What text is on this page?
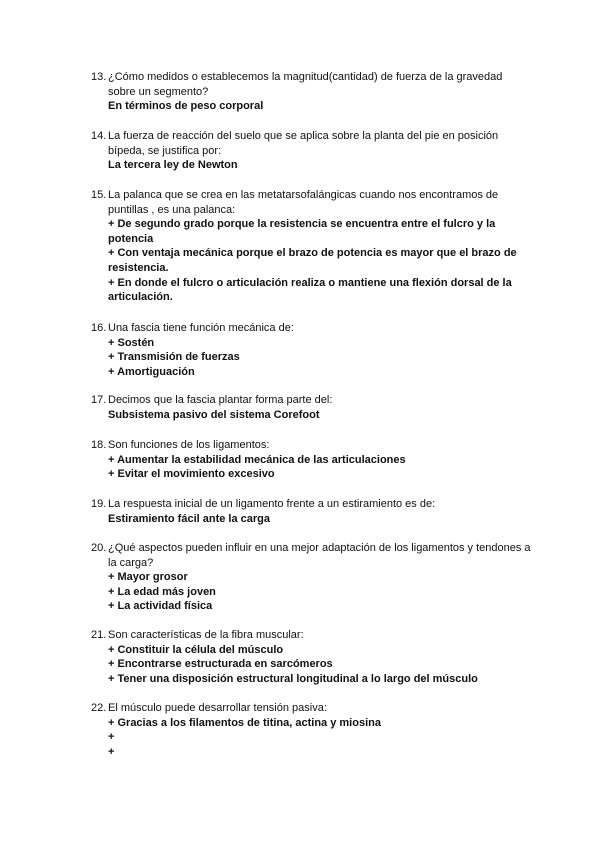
13. ¿Cómo medidos o establecemos la magnitud(cantidad) de fuerza de la gravedad sobre un segmento?
En términos de peso corporal
14. La fuerza de reacción del suelo que se aplica sobre la planta del pie en posición bípeda, se justifica por:
La tercera ley de Newton
15. La palanca que se crea en las metatarsofalángicas cuando nos encontramos de puntillas , es una palanca:
+ De segundo grado porque la resistencia se encuentra entre el fulcro y la potencia
+ Con ventaja mecánica porque el brazo de potencia es mayor que el brazo de resistencia.
+ En donde el fulcro o articulación realiza o mantiene una flexión dorsal de la articulación.
16. Una fascia tiene función mecánica de:
+ Sostén
+ Transmisión de fuerzas
+ Amortiguación
17. Decimos que la fascia plantar forma parte del:
Subsistema pasivo del sistema Corefoot
18. Son funciones de los ligamentos:
+ Aumentar la estabilidad mecánica de las articulaciones
+ Evitar el movimiento excesivo
19. La respuesta inicial de un ligamento frente a un estiramiento es de:
Estiramiento fácil ante la carga
20. ¿Qué aspectos pueden influir en una mejor adaptación de los ligamentos y tendones a la carga?
+ Mayor grosor
+ La edad más joven
+ La actividad física
21. Son características de la fibra muscular:
+ Constituir la célula del músculo
+ Encontrarse estructurada en sarcómeros
+ Tener una disposición estructural longitudinal a lo largo del músculo
22. El músculo puede desarrollar tensión pasiva:
+ Gracias a los filamentos de titina, actina y miosina
+
+
